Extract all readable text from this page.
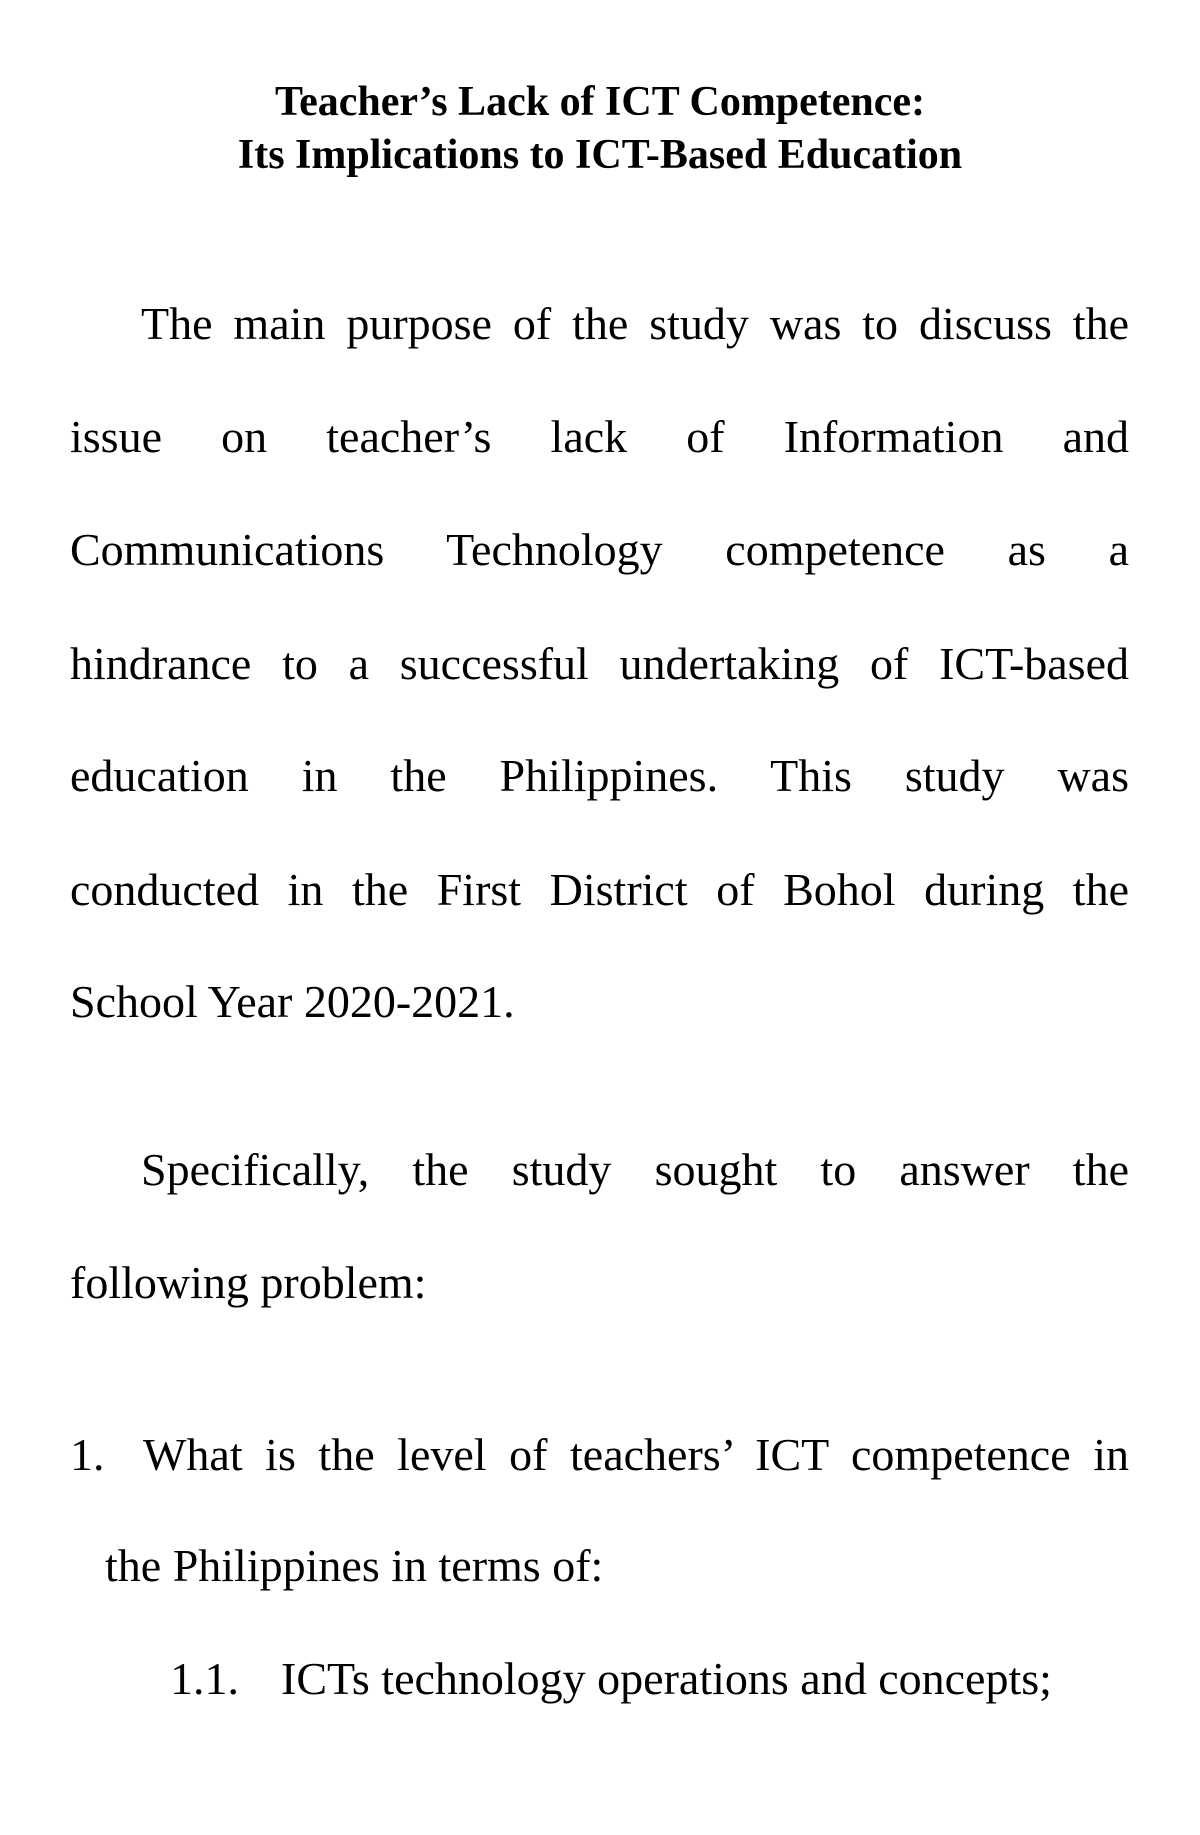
Teacher’s Lack of ICT Competence:
Its Implications to ICT-Based Education
The main purpose of the study was to discuss the
issue on teacher’s lack of Information and
Communications Technology competence as a
hindrance to a successful undertaking of ICT-based
education in the Philippines. This study was
conducted in the First District of Bohol during the
School Year 2020-2021.
Specifically, the study sought to answer the
following problem:
1. What is the level of teachers’ ICT competence in
the Philippines in terms of:
1.1. ICTs technology operations and concepts;
